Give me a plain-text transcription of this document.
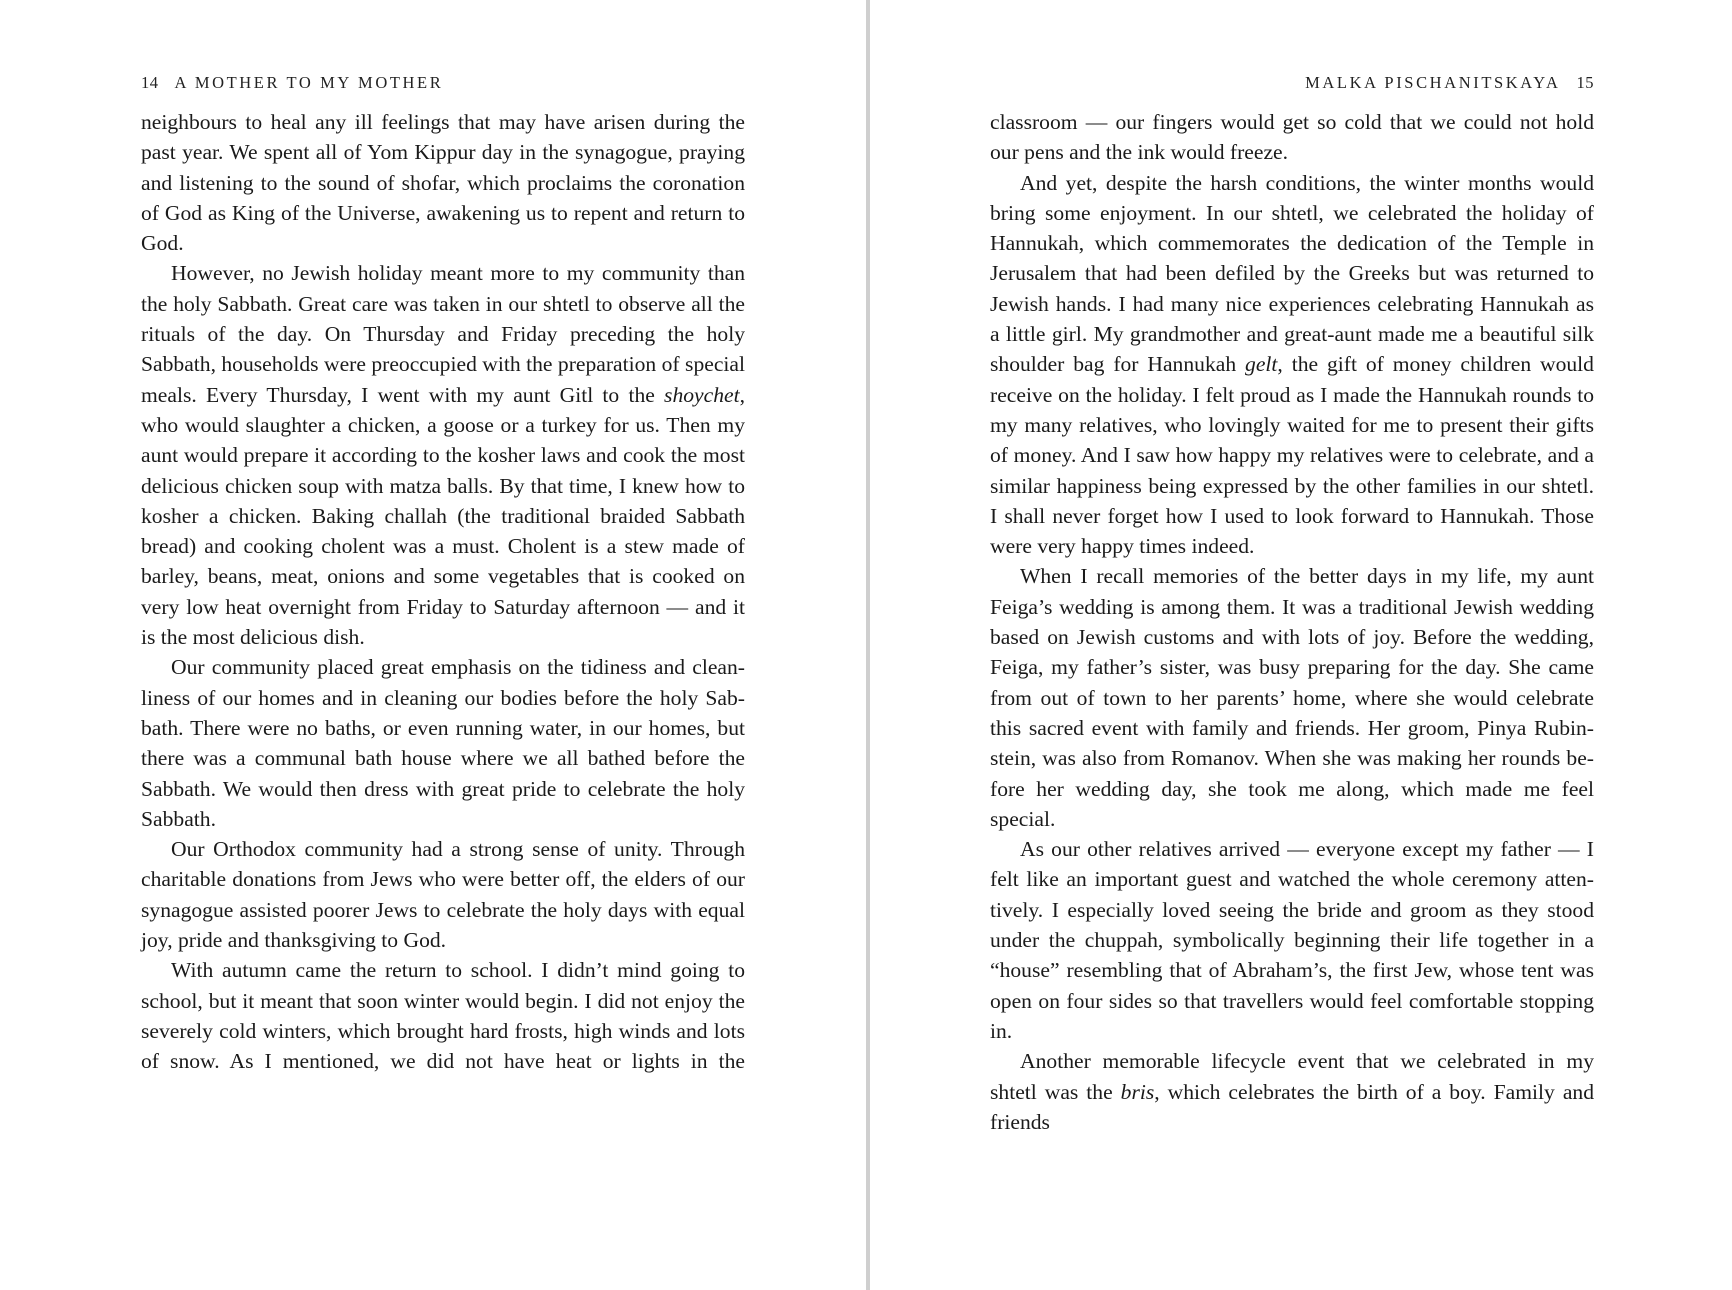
14 A MOTHER TO MY MOTHER

neighbours to heal any ill feelings that may have arisen during the past year. We spent all of Yom Kippur day in the synagogue, praying and listening to the sound of shofar, which proclaims the coronation of God as King of the Universe, awakening us to repent and return to God.

However, no Jewish holiday meant more to my community than the holy Sabbath. Great care was taken in our shtetl to observe all the rituals of the day. On Thursday and Friday preceding the holy Sabbath, households were preoccupied with the preparation of special meals. Every Thursday, I went with my aunt Gitl to the shoychet, who would slaughter a chicken, a goose or a turkey for us. Then my aunt would prepare it according to the kosher laws and cook the most delicious chicken soup with matza balls. By that time, I knew how to kosher a chicken. Baking challah (the traditional braided Sabbath bread) and cooking cholent was a must. Cholent is a stew made of barley, beans, meat, onions and some vegetables that is cooked on very low heat overnight from Friday to Saturday afternoon — and it is the most delicious dish.

Our community placed great emphasis on the tidiness and cleanliness of our homes and in cleaning our bodies before the holy Sabbath. There were no baths, or even running water, in our homes, but there was a communal bath house where we all bathed before the Sabbath. We would then dress with great pride to celebrate the holy Sabbath.

Our Orthodox community had a strong sense of unity. Through charitable donations from Jews who were better off, the elders of our synagogue assisted poorer Jews to celebrate the holy days with equal joy, pride and thanksgiving to God.

With autumn came the return to school. I didn’t mind going to school, but it meant that soon winter would begin. I did not enjoy the severely cold winters, which brought hard frosts, high winds and lots of snow. As I mentioned, we did not have heat or lights in the

MALKA PISCHANITSKAYA 15

classroom — our fingers would get so cold that we could not hold our pens and the ink would freeze.

And yet, despite the harsh conditions, the winter months would bring some enjoyment. In our shtetl, we celebrated the holiday of Hannukah, which commemorates the dedication of the Temple in Jerusalem that had been defiled by the Greeks but was returned to Jewish hands. I had many nice experiences celebrating Hannukah as a little girl. My grandmother and great-aunt made me a beautiful silk shoulder bag for Hannukah gelt, the gift of money children would receive on the holiday. I felt proud as I made the Hannukah rounds to my many relatives, who lovingly waited for me to present their gifts of money. And I saw how happy my relatives were to celebrate, and a similar happiness being expressed by the other families in our shtetl. I shall never forget how I used to look forward to Hannukah. Those were very happy times indeed.

When I recall memories of the better days in my life, my aunt Feiga’s wedding is among them. It was a traditional Jewish wedding based on Jewish customs and with lots of joy. Before the wedding, Feiga, my father’s sister, was busy preparing for the day. She came from out of town to her parents’ home, where she would celebrate this sacred event with family and friends. Her groom, Pinya Rubinstein, was also from Romanov. When she was making her rounds before her wedding day, she took me along, which made me feel special.

As our other relatives arrived — everyone except my father — I felt like an important guest and watched the whole ceremony attentively. I especially loved seeing the bride and groom as they stood under the chuppah, symbolically beginning their life together in a “house” resembling that of Abraham’s, the first Jew, whose tent was open on four sides so that travellers would feel comfortable stopping in.

Another memorable lifecycle event that we celebrated in my shtetl was the bris, which celebrates the birth of a boy. Family and friends
